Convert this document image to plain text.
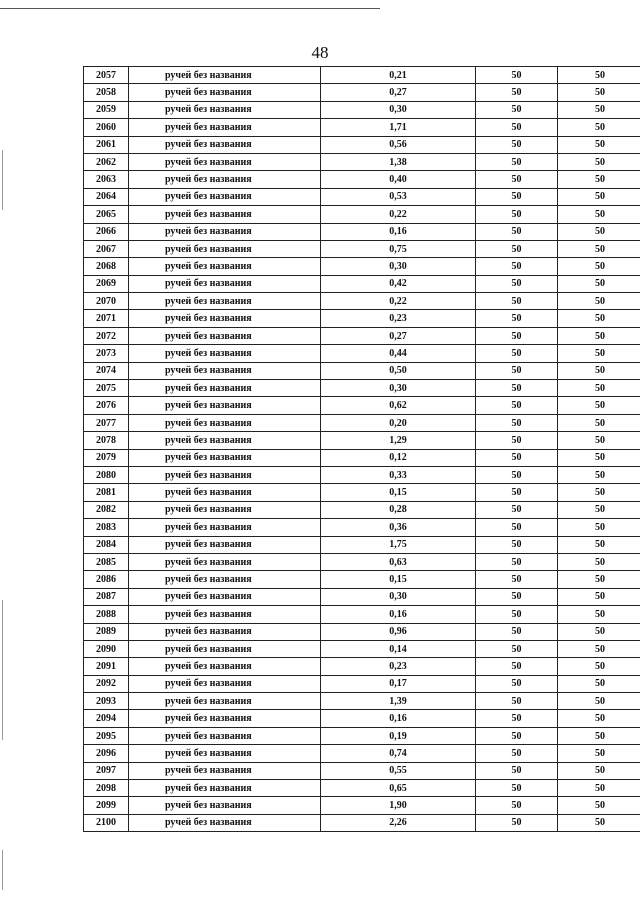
48
2057	ручей без названия	0,21	50	50
2058	ручей без названия	0,27	50	50
2059	ручей без названия	0,30	50	50
2060	ручей без названия	1,71	50	50
2061	ручей без названия	0,56	50	50
2062	ручей без названия	1,38	50	50
2063	ручей без названия	0,40	50	50
2064	ручей без названия	0,53	50	50
2065	ручей без названия	0,22	50	50
2066	ручей без названия	0,16	50	50
2067	ручей без названия	0,75	50	50
2068	ручей без названия	0,30	50	50
2069	ручей без названия	0,42	50	50
2070	ручей без названия	0,22	50	50
2071	ручей без названия	0,23	50	50
2072	ручей без названия	0,27	50	50
2073	ручей без названия	0,44	50	50
2074	ручей без названия	0,50	50	50
2075	ручей без названия	0,30	50	50
2076	ручей без названия	0,62	50	50
2077	ручей без названия	0,20	50	50
2078	ручей без названия	1,29	50	50
2079	ручей без названия	0,12	50	50
2080	ручей без названия	0,33	50	50
2081	ручей без названия	0,15	50	50
2082	ручей без названия	0,28	50	50
2083	ручей без названия	0,36	50	50
2084	ручей без названия	1,75	50	50
2085	ручей без названия	0,63	50	50
2086	ручей без названия	0,15	50	50
2087	ручей без названия	0,30	50	50
2088	ручей без названия	0,16	50	50
2089	ручей без названия	0,96	50	50
2090	ручей без названия	0,14	50	50
2091	ручей без названия	0,23	50	50
2092	ручей без названия	0,17	50	50
2093	ручей без названия	1,39	50	50
2094	ручей без названия	0,16	50	50
2095	ручей без названия	0,19	50	50
2096	ручей без названия	0,74	50	50
2097	ручей без названия	0,55	50	50
2098	ручей без названия	0,65	50	50
2099	ручей без названия	1,90	50	50
2100	ручей без названия	2,26	50	50
